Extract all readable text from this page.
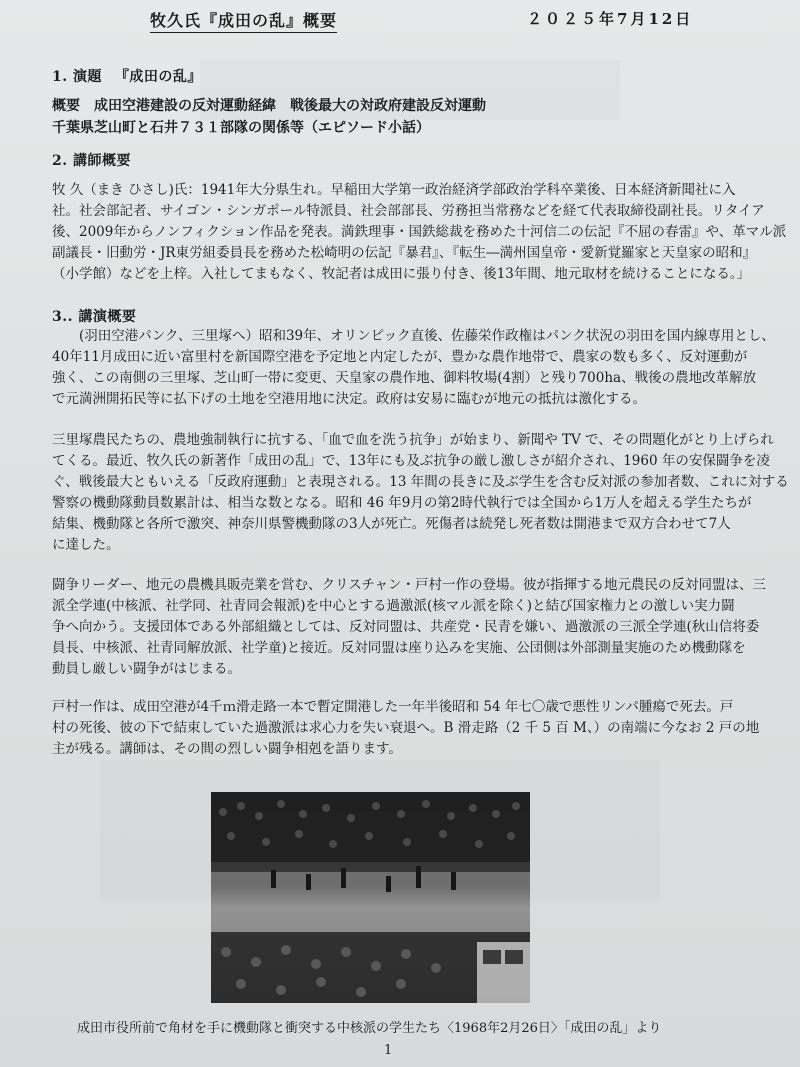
牧久氏『成田の乱』概要	２０２５年7月12日
1. 演題 　『成田の乱』
概要　成田空港建設の反対運動経緯　戦後最大の対政府建設反対運動
千葉県芝山町と石井７３１部隊の関係等（エピソード小話）
2. 講師概要
牧 久（まき ひさし)氏：1941年大分県生れ。早稲田大学第一政治経済学部政治学科卒業後、日本経済新聞社に入
社。社会部記者、サイゴン・シンガポール特派員、社会部部長、労務担当常務などを経て代表取締役副社長。リタイア
後、2009年からノンフィクション作品を発表。満鉄理事・国鉄総裁を務めた十河信二の伝記『不屈の春雷』や、革マル派
副議長・旧動労・JR東労組委員長を務めた松崎明の伝記『暴君』、『転生―満州国皇帝・愛新覚羅家と天皇家の昭和』
（小学館）などを上梓。入社してまもなく、牧記者は成田に張り付き、後13年間、地元取材を続けることになる。」
3.. 講演概要
　　(羽田空港パンク、三里塚へ）昭和39年、オリンピック直後、佐藤栄作政権はパンク状況の羽田を国内線専用とし、
40年11月成田に近い富里村を新国際空港を予定地と内定したが、豊かな農作地帯で、農家の数も多く、反対運動が
強く、この南側の三里塚、芝山町一帯に変更、天皇家の農作地、御料牧場(4割）と残り700ha、戦後の農地改革解放
で元満洲開拓民等に払下げの土地を空港用地に決定。政府は安易に臨むが地元の抵抗は激化する。
三里塚農民たちの、農地強制執行に抗する、「血で血を洗う抗争」が始まり、新聞や TV で、その問題化がとり上げられ
てくる。最近、牧久氏の新著作「成田の乱」で、13年にも及ぶ抗争の厳し激しさが紹介され、1960 年の安保闘争を凌
ぐ、戦後最大ともいえる「反政府運動」と表現される。13 年間の長きに及ぶ学生を含む反対派の参加者数、これに対する
警察の機動隊動員数累計は、相当な数となる。昭和 46 年9月の第2時代執行では全国から1万人を超える学生たちが
結集、機動隊と各所で激突、神奈川県警機動隊の3人が死亡。死傷者は続発し死者数は開港まで双方合わせて7人
に達した。
闘争リーダー、地元の農機具販売業を営む、クリスチャン・戸村一作の登場。彼が指揮する地元農民の反対同盟は、三
派全学連(中核派、社学同、社青同会報派)を中心とする過激派(核マル派を除く)と結び国家権力との激しい実力闘
争へ向かう。支援団体である外部組織としては、反対同盟は、共産党・民青を嫌い、過激派の三派全学連(秋山信将委
員長、中核派、社青同解放派、社学童)と接近。反対同盟は座り込みを実施、公団側は外部測量実施のため機動隊を
動員し厳しい闘争がはじまる。
戸村一作は、成田空港が4千ｍ滑走路一本で暫定開港した一年半後昭和 54 年七〇歳で悪性リンパ腫瘍で死去。戸
村の死後、彼の下で結束していた過激派は求心力を失い衰退へ。B 滑走路（2 千 5 百 M、）の南端に今なお 2 戸の地
主が残る。講師は、その間の烈しい闘争相剋を語ります。
成田市役所前で角材を手に機動隊と衝突する中核派の学生たち〈1968年2月26日〉「成田の乱」より
1
